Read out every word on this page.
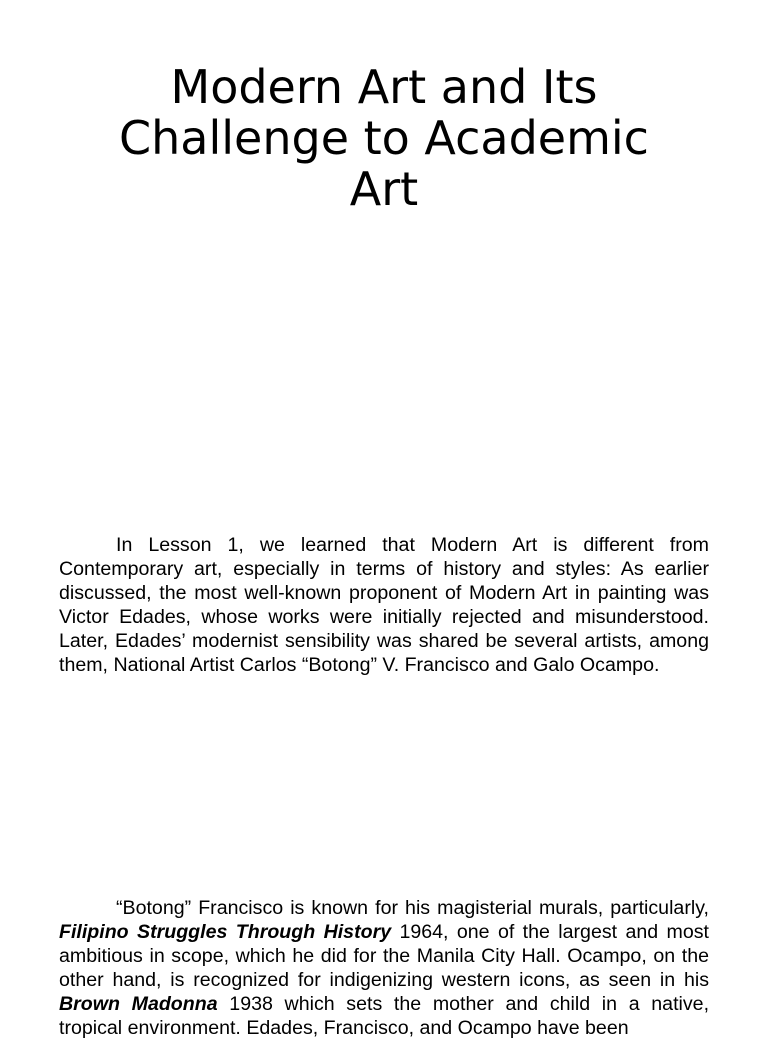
Modern Art and Its
Challenge to Academic
Art

In Lesson 1, we learned that Modern Art is different from Contemporary art, especially in terms of history and styles: As earlier discussed, the most well-known proponent of Modern Art in painting was Victor Edades, whose works were initially rejected and misunderstood. Later, Edades’ modernist sensibility was shared be several artists, among them, National Artist Carlos “Botong” V. Francisco and Galo Ocampo.

“Botong” Francisco is known for his magisterial murals, particularly, Filipino Struggles Through History 1964, one of the largest and most ambitious in scope, which he did for the Manila City Hall. Ocampo, on the other hand, is recognized for indigenizing western icons, as seen in his Brown Madonna 1938 which sets the mother and child in a native, tropical environment. Edades, Francisco, and Ocampo have been
